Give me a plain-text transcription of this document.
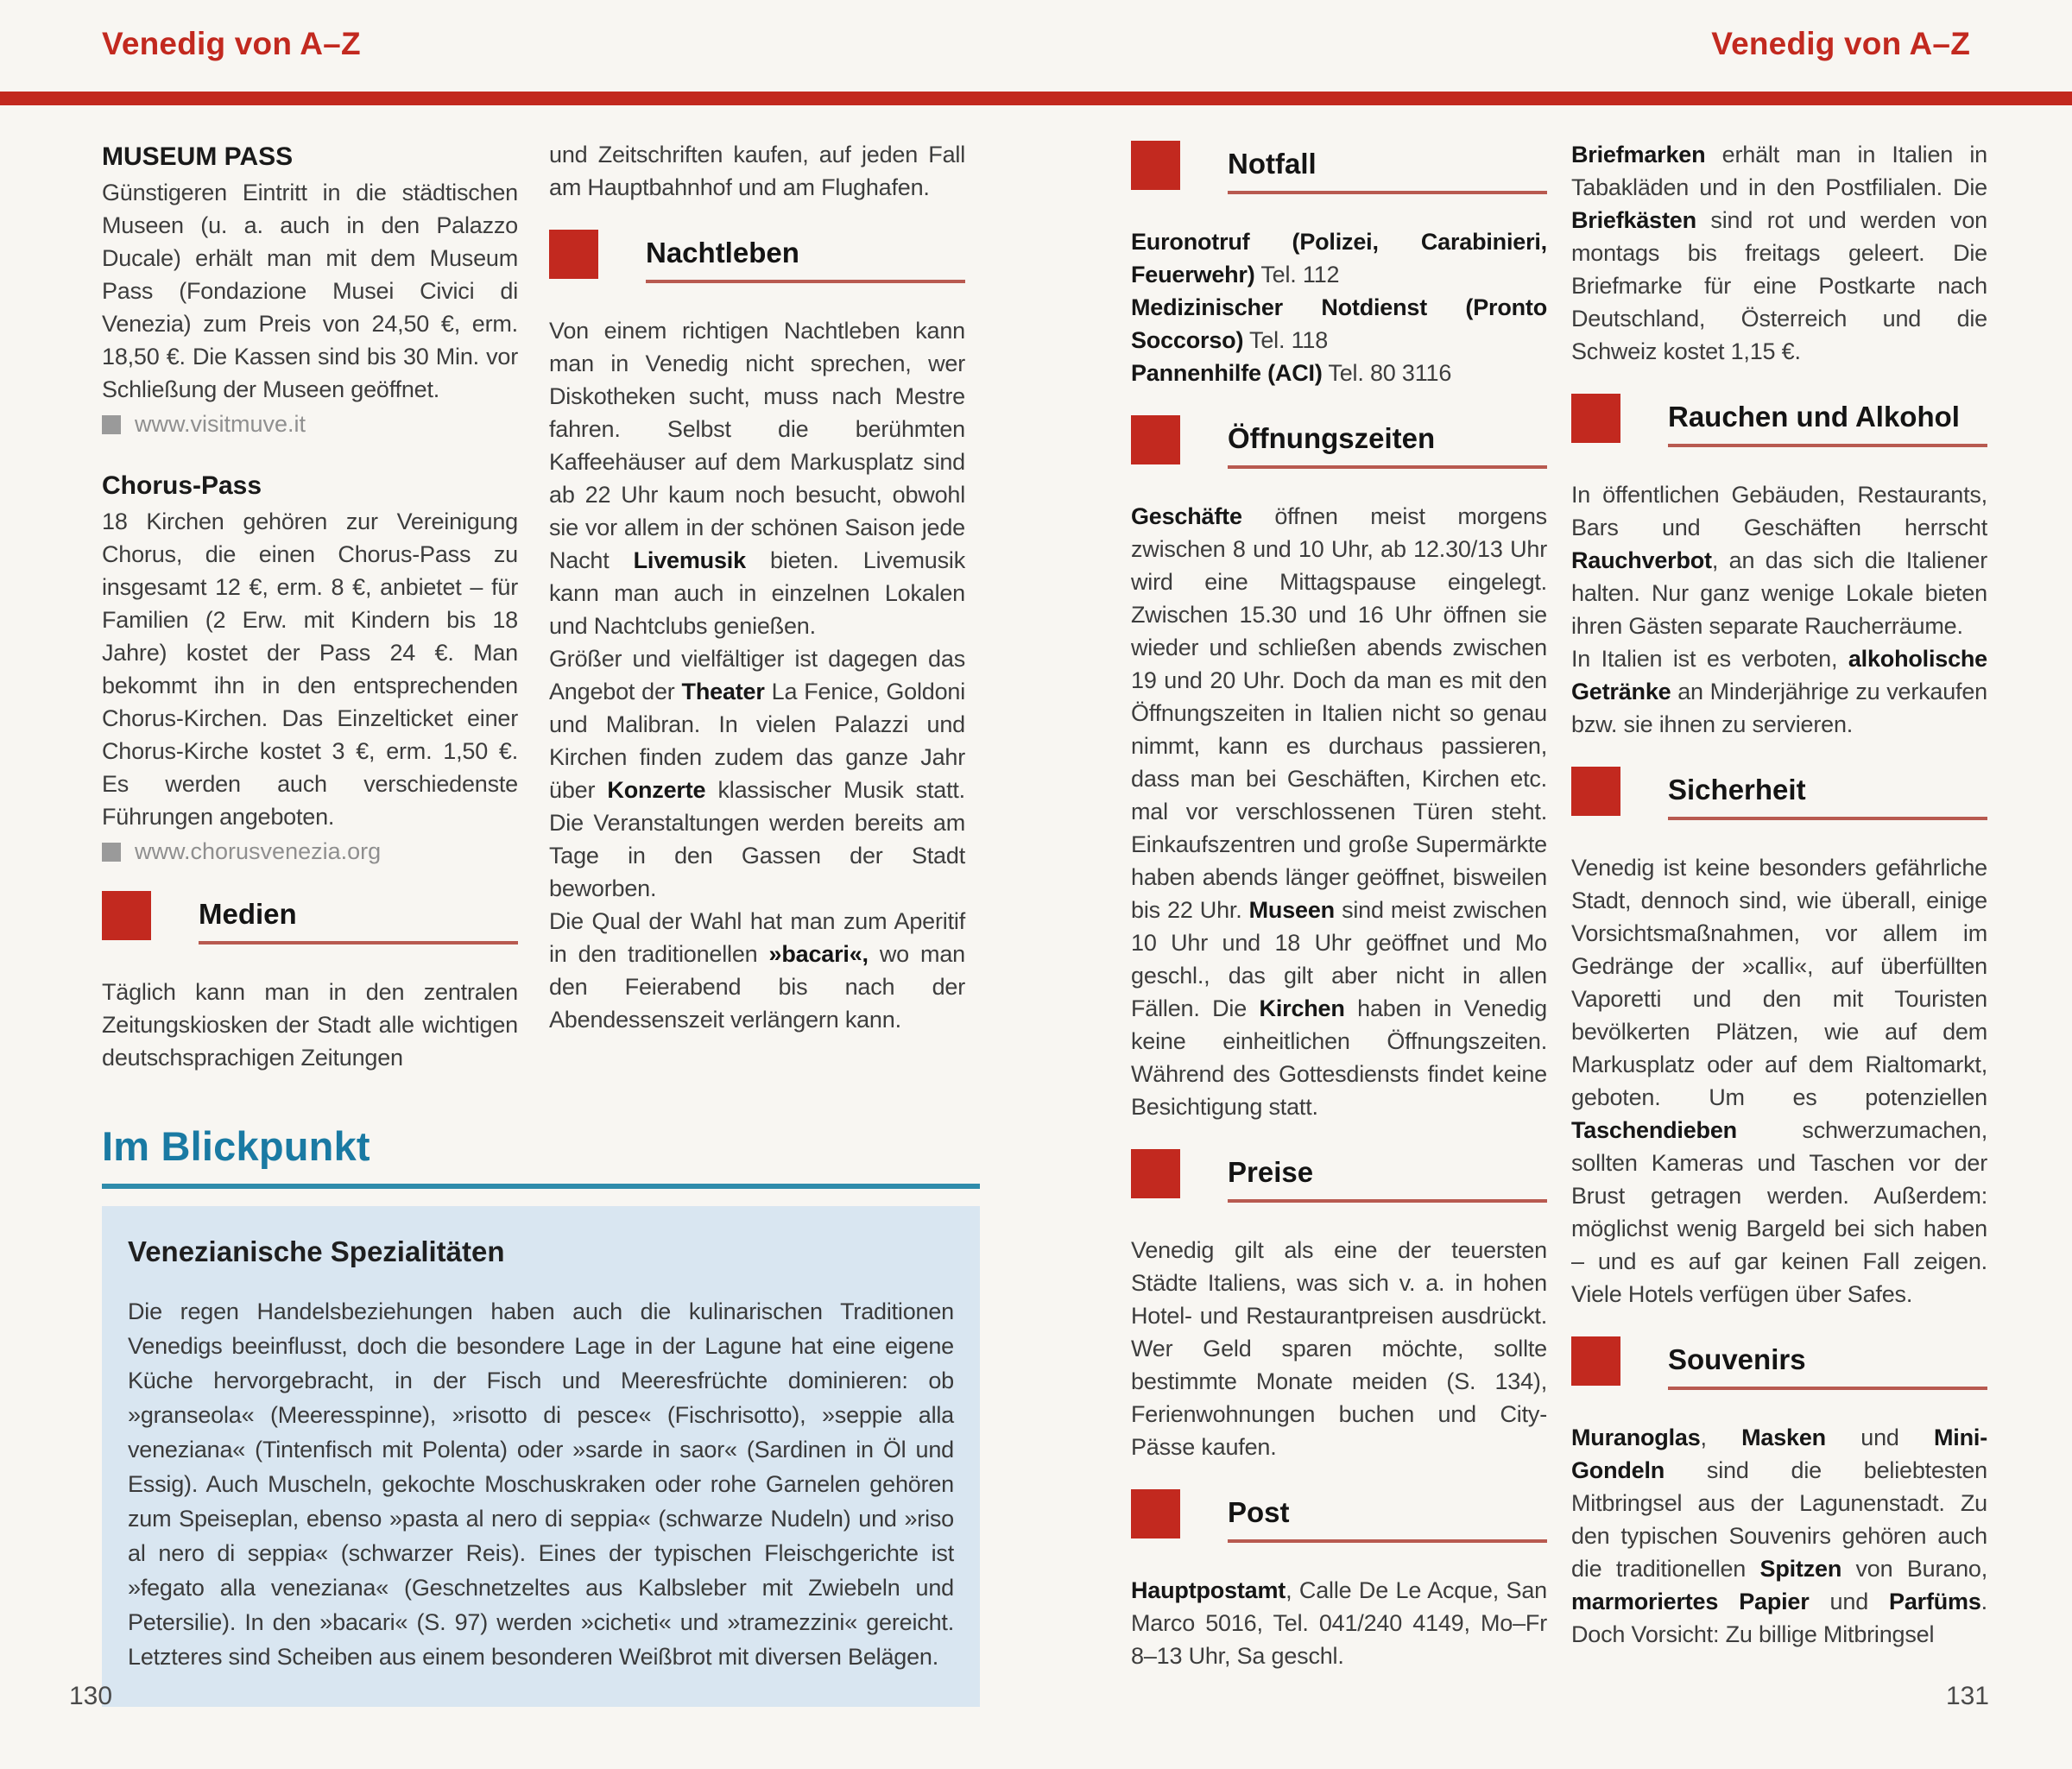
Venedig von A–Z	Venedig von A–Z
MUSEUM PASS

Günstigeren Eintritt in die städtischen Museen (u. a. auch in den Palazzo Ducale) erhält man mit dem Museum Pass (Fondazione Musei Civici di Venezia) zum Preis von 24,50 €, erm. 18,50 €. Die Kassen sind bis 30 Min. vor Schließung der Museen geöffnet.

www.visitmuve.it
Chorus-Pass

18 Kirchen gehören zur Vereinigung Chorus, die einen Chorus-Pass zu insgesamt 12 €, erm. 8 €, anbietet – für Familien (2 Erw. mit Kindern bis 18 Jahre) kostet der Pass 24 €. Man bekommt ihn in den entsprechenden Chorus-Kirchen. Das Einzelticket einer Chorus-Kirche kostet 3 €, erm. 1,50 €. Es werden auch verschiedenste Führungen angeboten.

www.chorusvenezia.org
Medien

Täglich kann man in den zentralen Zeitungskiosken der Stadt alle wichtigen deutschsprachigen Zeitungen

und Zeitschriften kaufen, auf jeden Fall am Hauptbahnhof und am Flughafen.

Nachtleben

Von einem richtigen Nachtleben kann man in Venedig nicht sprechen, wer Diskotheken sucht, muss nach Mestre fahren. Selbst die berühmten Kaffeehäuser auf dem Markusplatz sind ab 22 Uhr kaum noch besucht, obwohl sie vor allem in der schönen Saison jede Nacht Livemusik bieten. Livemusik kann man auch in einzelnen Lokalen und Nachtclubs genießen.

Größer und vielfältiger ist dagegen das Angebot der Theater La Fenice, Goldoni und Malibran. In vielen Palazzi und Kirchen finden zudem das ganze Jahr über Konzerte klassischer Musik statt. Die Veranstaltungen werden bereits am Tage in den Gassen der Stadt beworben.

Die Qual der Wahl hat man zum Aperitif in den traditionellen »bacari«, wo man den Feierabend bis nach der Abendessenszeit verlängern kann.

Notfall

Euronotruf (Polizei, Carabinieri, Feuerwehr) Tel. 112

Medizinischer Notdienst (Pronto Soccorso) Tel. 118

Pannenhilfe (ACI) Tel. 80 3116

Öffnungszeiten

Geschäfte öffnen meist morgens zwischen 8 und 10 Uhr, ab 12.30/13 Uhr wird eine Mittagspause eingelegt. Zwischen 15.30 und 16 Uhr öffnen sie wieder und schließen abends zwischen 19 und 20 Uhr. Doch da man es mit den Öffnungszeiten in Italien nicht so genau nimmt, kann es durchaus passieren, dass man bei Geschäften, Kirchen etc. mal vor verschlossenen Türen steht. Einkaufszentren und große Supermärkte haben abends länger geöffnet, bisweilen bis 22 Uhr. Museen sind meist zwischen 10 Uhr und 18 Uhr geöffnet und Mo geschl., das gilt aber nicht in allen Fällen. Die Kirchen haben in Venedig keine einheitlichen Öffnungszeiten. Während des Gottesdiensts findet keine Besichtigung statt.

Preise

Venedig gilt als eine der teuersten Städte Italiens, was sich v. a. in hohen Hotel- und Restaurantpreisen ausdrückt. Wer Geld sparen möchte, sollte bestimmte Monate meiden (S. 134), Ferienwohnungen buchen und City-Pässe kaufen.

Post

Hauptpostamt, Calle De Le Acque, San Marco 5016, Tel. 041/240 4149, Mo–Fr 8–13 Uhr, Sa geschl.

Briefmarken erhält man in Italien in Tabakläden und in den Postfilialen. Die Briefkästen sind rot und werden von montags bis freitags geleert. Die Briefmarke für eine Postkarte nach Deutschland, Österreich und die Schweiz kostet 1,15 €.

Rauchen und Alkohol

In öffentlichen Gebäuden, Restaurants, Bars und Geschäften herrscht Rauchverbot, an das sich die Italiener halten. Nur ganz wenige Lokale bieten ihren Gästen separate Raucherräume.

In Italien ist es verboten, alkoholische Getränke an Minderjährige zu verkaufen bzw. sie ihnen zu servieren.

Sicherheit

Venedig ist keine besonders gefährliche Stadt, dennoch sind, wie überall, einige Vorsichtsmaßnahmen, vor allem im Gedränge der »calli«, auf überfüllten Vaporetti und den mit Touristen bevölkerten Plätzen, wie auf dem Markusplatz oder auf dem Rialtomarkt, geboten. Um es potenziellen Taschendieben schwerzumachen, sollten Kameras und Taschen vor der Brust getragen werden. Außerdem: möglichst wenig Bargeld bei sich haben – und es auf gar keinen Fall zeigen. Viele Hotels verfügen über Safes.

Souvenirs

Muranoglas, Masken und Mini-Gondeln sind die beliebtesten Mitbringsel aus der Lagunenstadt. Zu den typischen Souvenirs gehören auch die traditionellen Spitzen von Burano, marmoriertes Papier und Parfüms. Doch Vorsicht: Zu billige Mitbringsel

Im Blickpunkt
Venezianische Spezialitäten
Die regen Handelsbeziehungen haben auch die kulinarischen Traditionen Venedigs beeinflusst, doch die besondere Lage in der Lagune hat eine eigene Küche hervorgebracht, in der Fisch und Meeresfrüchte dominieren: ob »granseola« (Meeresspinne), »risotto di pesce« (Fischrisotto), »seppie alla veneziana« (Tintenfisch mit Polenta) oder »sarde in saor« (Sardinen in Öl und Essig). Auch Muscheln, gekochte Moschuskraken oder rohe Garnelen gehören zum Speiseplan, ebenso »pasta al nero di seppia« (schwarze Nudeln) und »riso al nero di seppia« (schwarzer Reis). Eines der typischen Fleischgerichte ist »fegato alla veneziana« (Geschnetzeltes aus Kalbsleber mit Zwiebeln und Petersilie). In den »bacari« (S. 97) werden »cicheti« und »tramezzini« gereicht. Letzteres sind Scheiben aus einem besonderen Weißbrot mit diversen Belägen.
130	131
